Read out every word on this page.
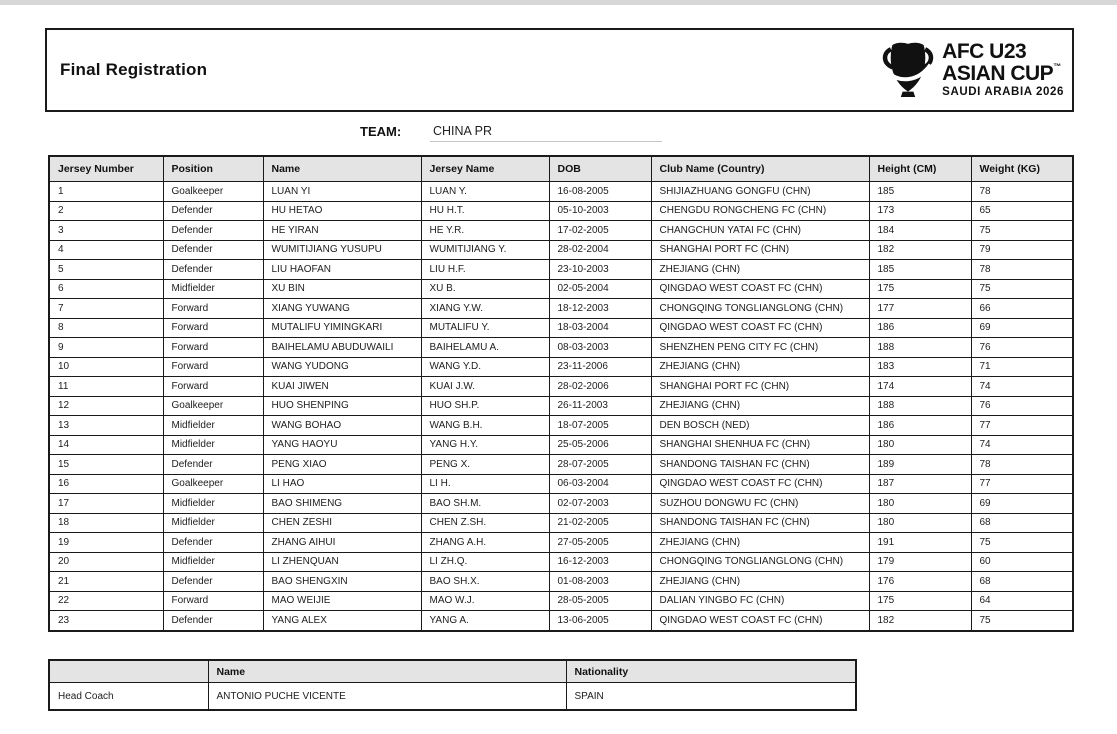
Final Registration
AFC U23
ASIAN CUP™
SAUDI ARABIA 2026
TEAM:	CHINA PR
Jersey Number	Position	Name	Jersey Name	DOB	Club Name (Country)	Height (CM)	Weight (KG)
1	Goalkeeper	LUAN YI	LUAN Y.	16-08-2005	SHIJIAZHUANG GONGFU (CHN)	185	78
2	Defender	HU HETAO	HU H.T.	05-10-2003	CHENGDU RONGCHENG FC (CHN)	173	65
3	Defender	HE YIRAN	HE Y.R.	17-02-2005	CHANGCHUN YATAI FC (CHN)	184	75
4	Defender	WUMITIJIANG YUSUPU	WUMITIJIANG Y.	28-02-2004	SHANGHAI PORT FC (CHN)	182	79
5	Defender	LIU HAOFAN	LIU H.F.	23-10-2003	ZHEJIANG (CHN)	185	78
6	Midfielder	XU BIN	XU B.	02-05-2004	QINGDAO WEST COAST FC (CHN)	175	75
7	Forward	XIANG YUWANG	XIANG Y.W.	18-12-2003	CHONGQING TONGLIANGLONG (CHN)	177	66
8	Forward	MUTALIFU YIMINGKARI	MUTALIFU Y.	18-03-2004	QINGDAO WEST COAST FC (CHN)	186	69
9	Forward	BAIHELAMU ABUDUWAILI	BAIHELAMU A.	08-03-2003	SHENZHEN PENG CITY FC (CHN)	188	76
10	Forward	WANG YUDONG	WANG Y.D.	23-11-2006	ZHEJIANG (CHN)	183	71
11	Forward	KUAI JIWEN	KUAI J.W.	28-02-2006	SHANGHAI PORT FC (CHN)	174	74
12	Goalkeeper	HUO SHENPING	HUO SH.P.	26-11-2003	ZHEJIANG (CHN)	188	76
13	Midfielder	WANG BOHAO	WANG B.H.	18-07-2005	DEN BOSCH (NED)	186	77
14	Midfielder	YANG HAOYU	YANG H.Y.	25-05-2006	SHANGHAI SHENHUA FC (CHN)	180	74
15	Defender	PENG XIAO	PENG X.	28-07-2005	SHANDONG TAISHAN FC (CHN)	189	78
16	Goalkeeper	LI HAO	LI H.	06-03-2004	QINGDAO WEST COAST FC (CHN)	187	77
17	Midfielder	BAO SHIMENG	BAO SH.M.	02-07-2003	SUZHOU DONGWU FC (CHN)	180	69
18	Midfielder	CHEN ZESHI	CHEN Z.SH.	21-02-2005	SHANDONG TAISHAN FC (CHN)	180	68
19	Defender	ZHANG AIHUI	ZHANG A.H.	27-05-2005	ZHEJIANG (CHN)	191	75
20	Midfielder	LI ZHENQUAN	LI ZH.Q.	16-12-2003	CHONGQING TONGLIANGLONG (CHN)	179	60
21	Defender	BAO SHENGXIN	BAO SH.X.	01-08-2003	ZHEJIANG (CHN)	176	68
22	Forward	MAO WEIJIE	MAO W.J.	28-05-2005	DALIAN YINGBO FC (CHN)	175	64
23	Defender	YANG ALEX	YANG A.	13-06-2005	QINGDAO WEST COAST FC (CHN)	182	75
	Name	Nationality
Head Coach	ANTONIO PUCHE VICENTE	SPAIN
